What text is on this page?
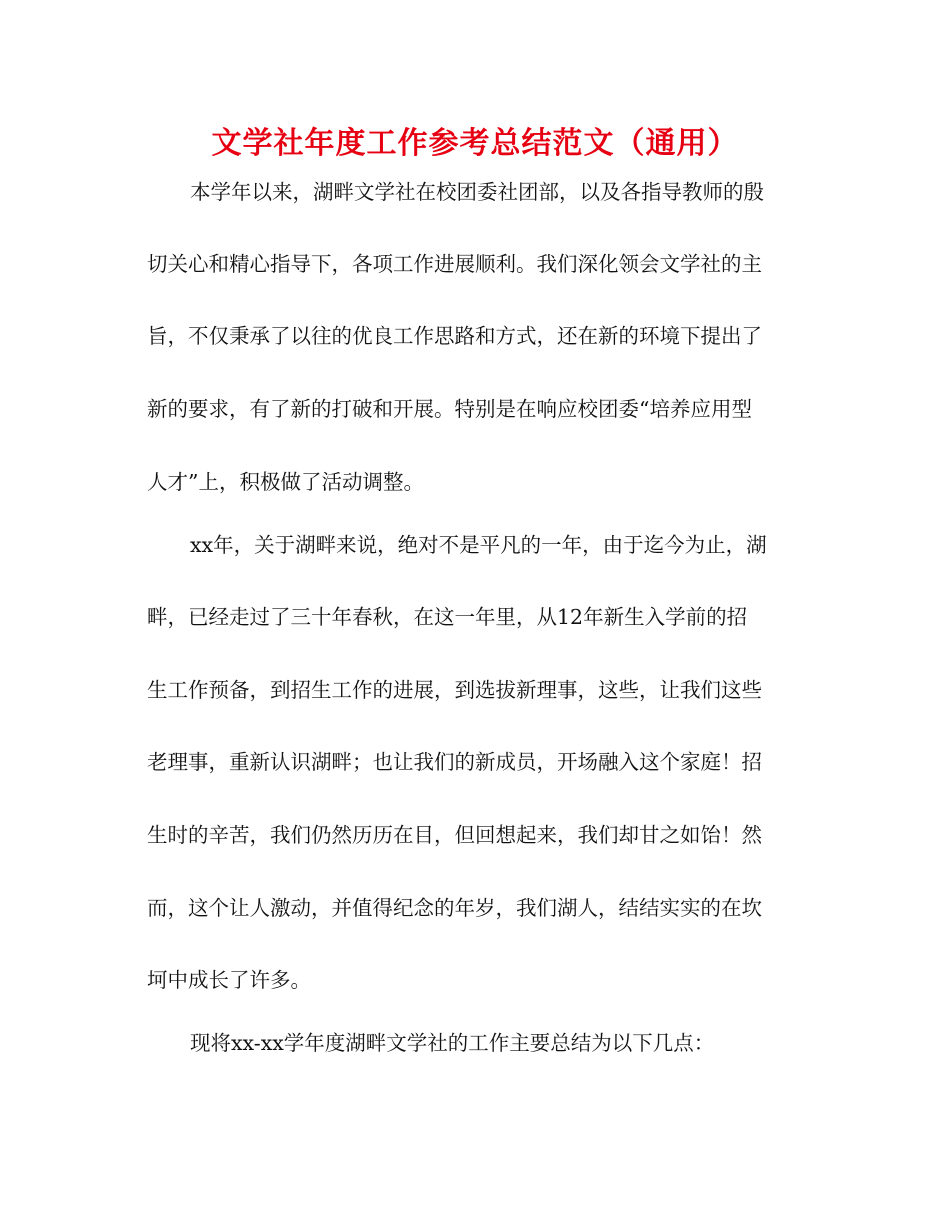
文学社年度工作参考总结范文（通用）
本学年以来，湖畔文学社在校团委社团部，以及各指导教师的殷
切关心和精心指导下，各项工作进展顺利。我们深化领会文学社的主
旨，不仅秉承了以往的优良工作思路和方式，还在新的环境下提出了
新的要求，有了新的打破和开展。特别是在响应校团委“培养应用型
人才”上，积极做了活动调整。
xx年，关于湖畔来说，绝对不是平凡的一年，由于迄今为止，湖
畔，已经走过了三十年春秋，在这一年里，从12年新生入学前的招
生工作预备，到招生工作的进展，到选拔新理事，这些，让我们这些
老理事，重新认识湖畔；也让我们的新成员，开场融入这个家庭！招
生时的辛苦，我们仍然历历在目，但回想起来，我们却甘之如饴！然
而，这个让人激动，并值得纪念的年岁，我们湖人，结结实实的在坎
坷中成长了许多。
现将xx-xx学年度湖畔文学社的工作主要总结为以下几点：
